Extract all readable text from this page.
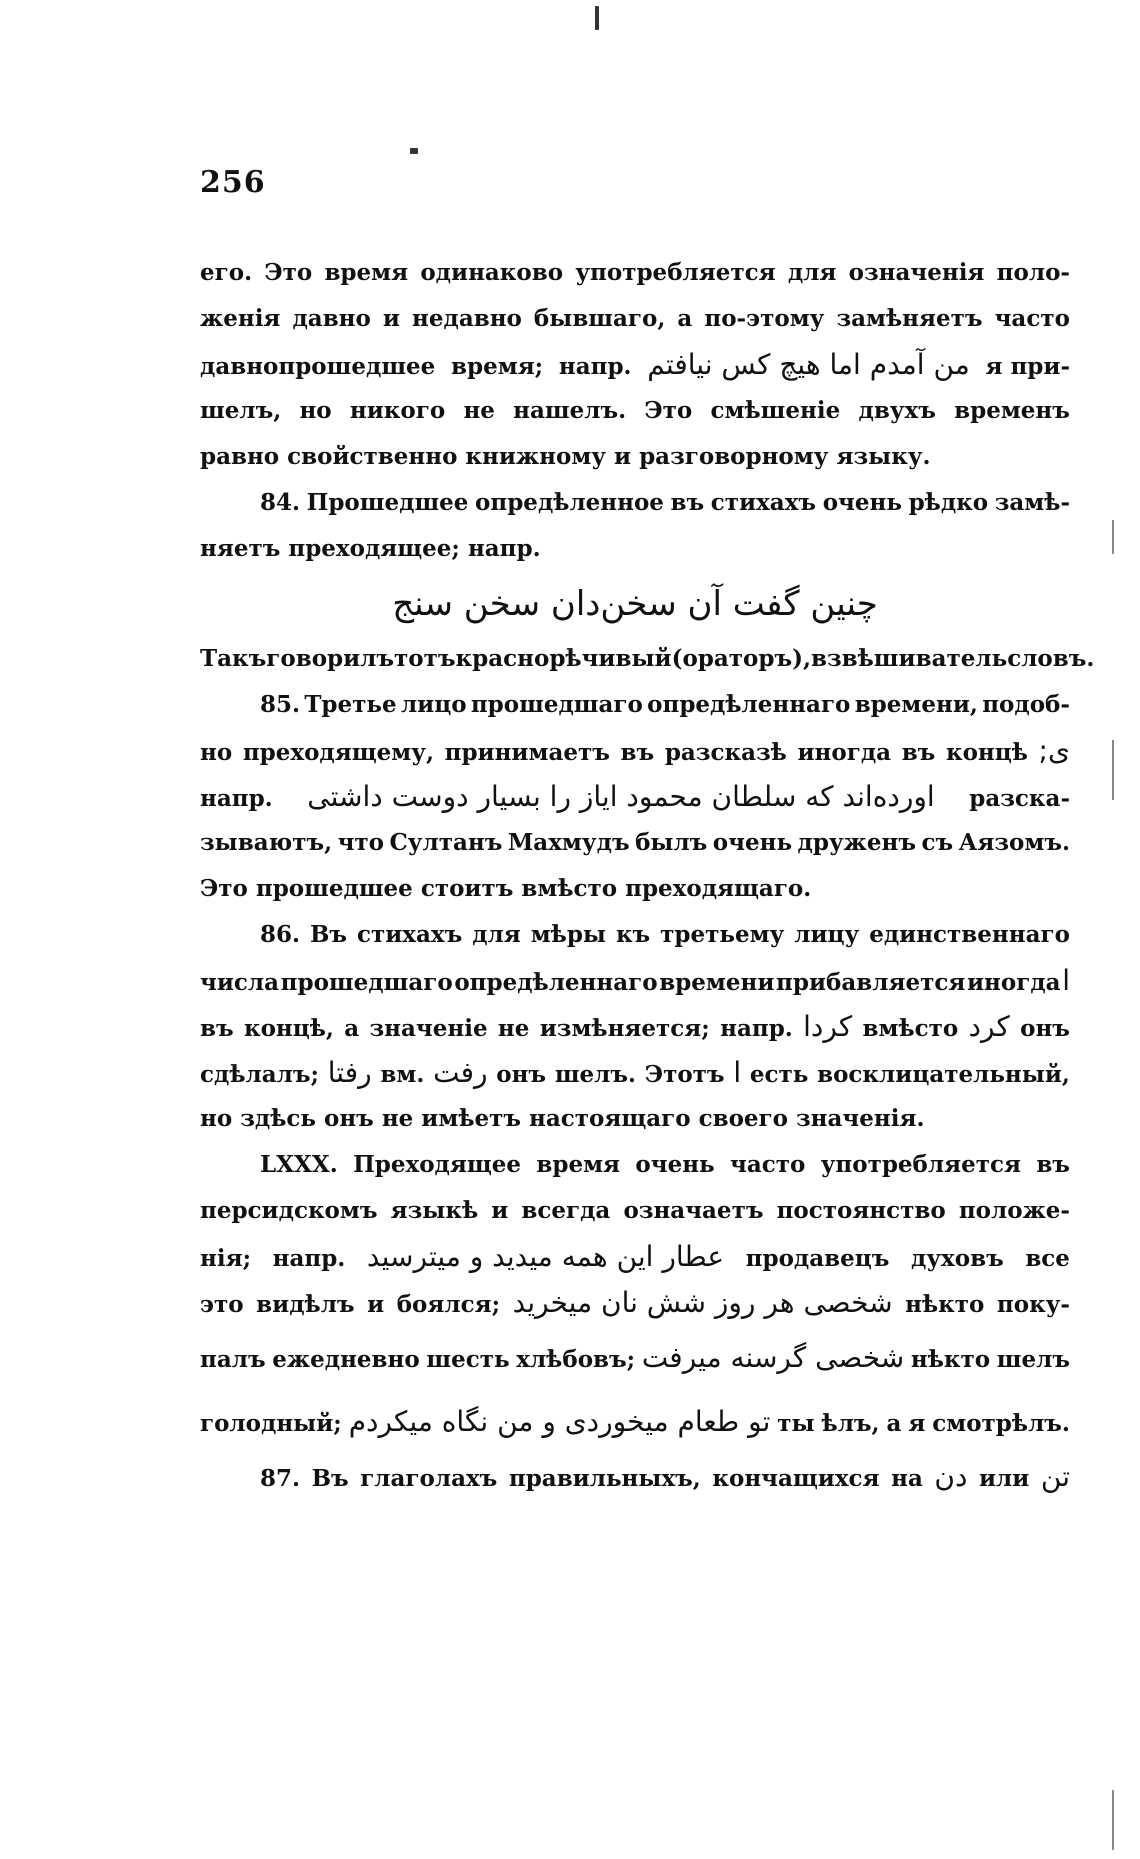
256
его. Это время одинаково употребляется для означенія поло-
женія давно и недавно бывшаго, а по-этому замѣняетъ часто
давнопрошедшее время; напр. من آمدم اما هیچ کس نیافتم я при-
шелъ, но никого не нашелъ. Это смѣшеніе двухъ временъ
равно свойственно книжному и разговорному языку.
84. Прошедшее опредѣленное въ стихахъ очень рѣдко замѣ-
няетъ преходящее; напр.
چنین گفت آن سخن‌دان سخن سنج
Такъ говорилъ тотъ краснорѣчивый (ораторъ), взвѣшиватель словъ.
85. Третье лицо прошедшаго опредѣленнаго времени, подоб-
но преходящему, принимаетъ въ разсказѣ иногда въ концѣ ی;
напр. اورده‌اند که سلطان محمود ایاز را بسیار دوست داشتی разска-
зываютъ, что Султанъ Махмудъ былъ очень друженъ съ Аязомъ.
Это прошедшее стоитъ вмѣсто преходящаго.
86. Въ стихахъ для мѣры къ третьему лицу единственнаго
числа прошедшаго опредѣленнаго времени прибавляется иногда ا
въ концѣ, а значеніе не измѣняется; напр. کردا вмѣсто کرد онъ
сдѣлалъ; رفتا вм. رفت онъ шелъ. Этотъ ا есть восклицательный,
но здѣсь онъ не имѣетъ настоящаго своего значенія.
LXXX. Преходящее время очень часто употребляется въ
персидскомъ языкѣ и всегда означаетъ постоянство положе-
нія; напр. عطار این همه میدید و میترسید продавецъ духовъ все
это видѣлъ и боялся; شخصی هر روز شش نان میخرید нѣкто поку-
палъ ежедневно шесть хлѣбовъ; شخصی گرسنه میرفت нѣкто шелъ
голодный; تو طعام میخوردی و من نگاه میکردم ты ѣлъ, а я смотрѣлъ.
87. Въ глаголахъ правильныхъ, кончащихся на دن или تن
